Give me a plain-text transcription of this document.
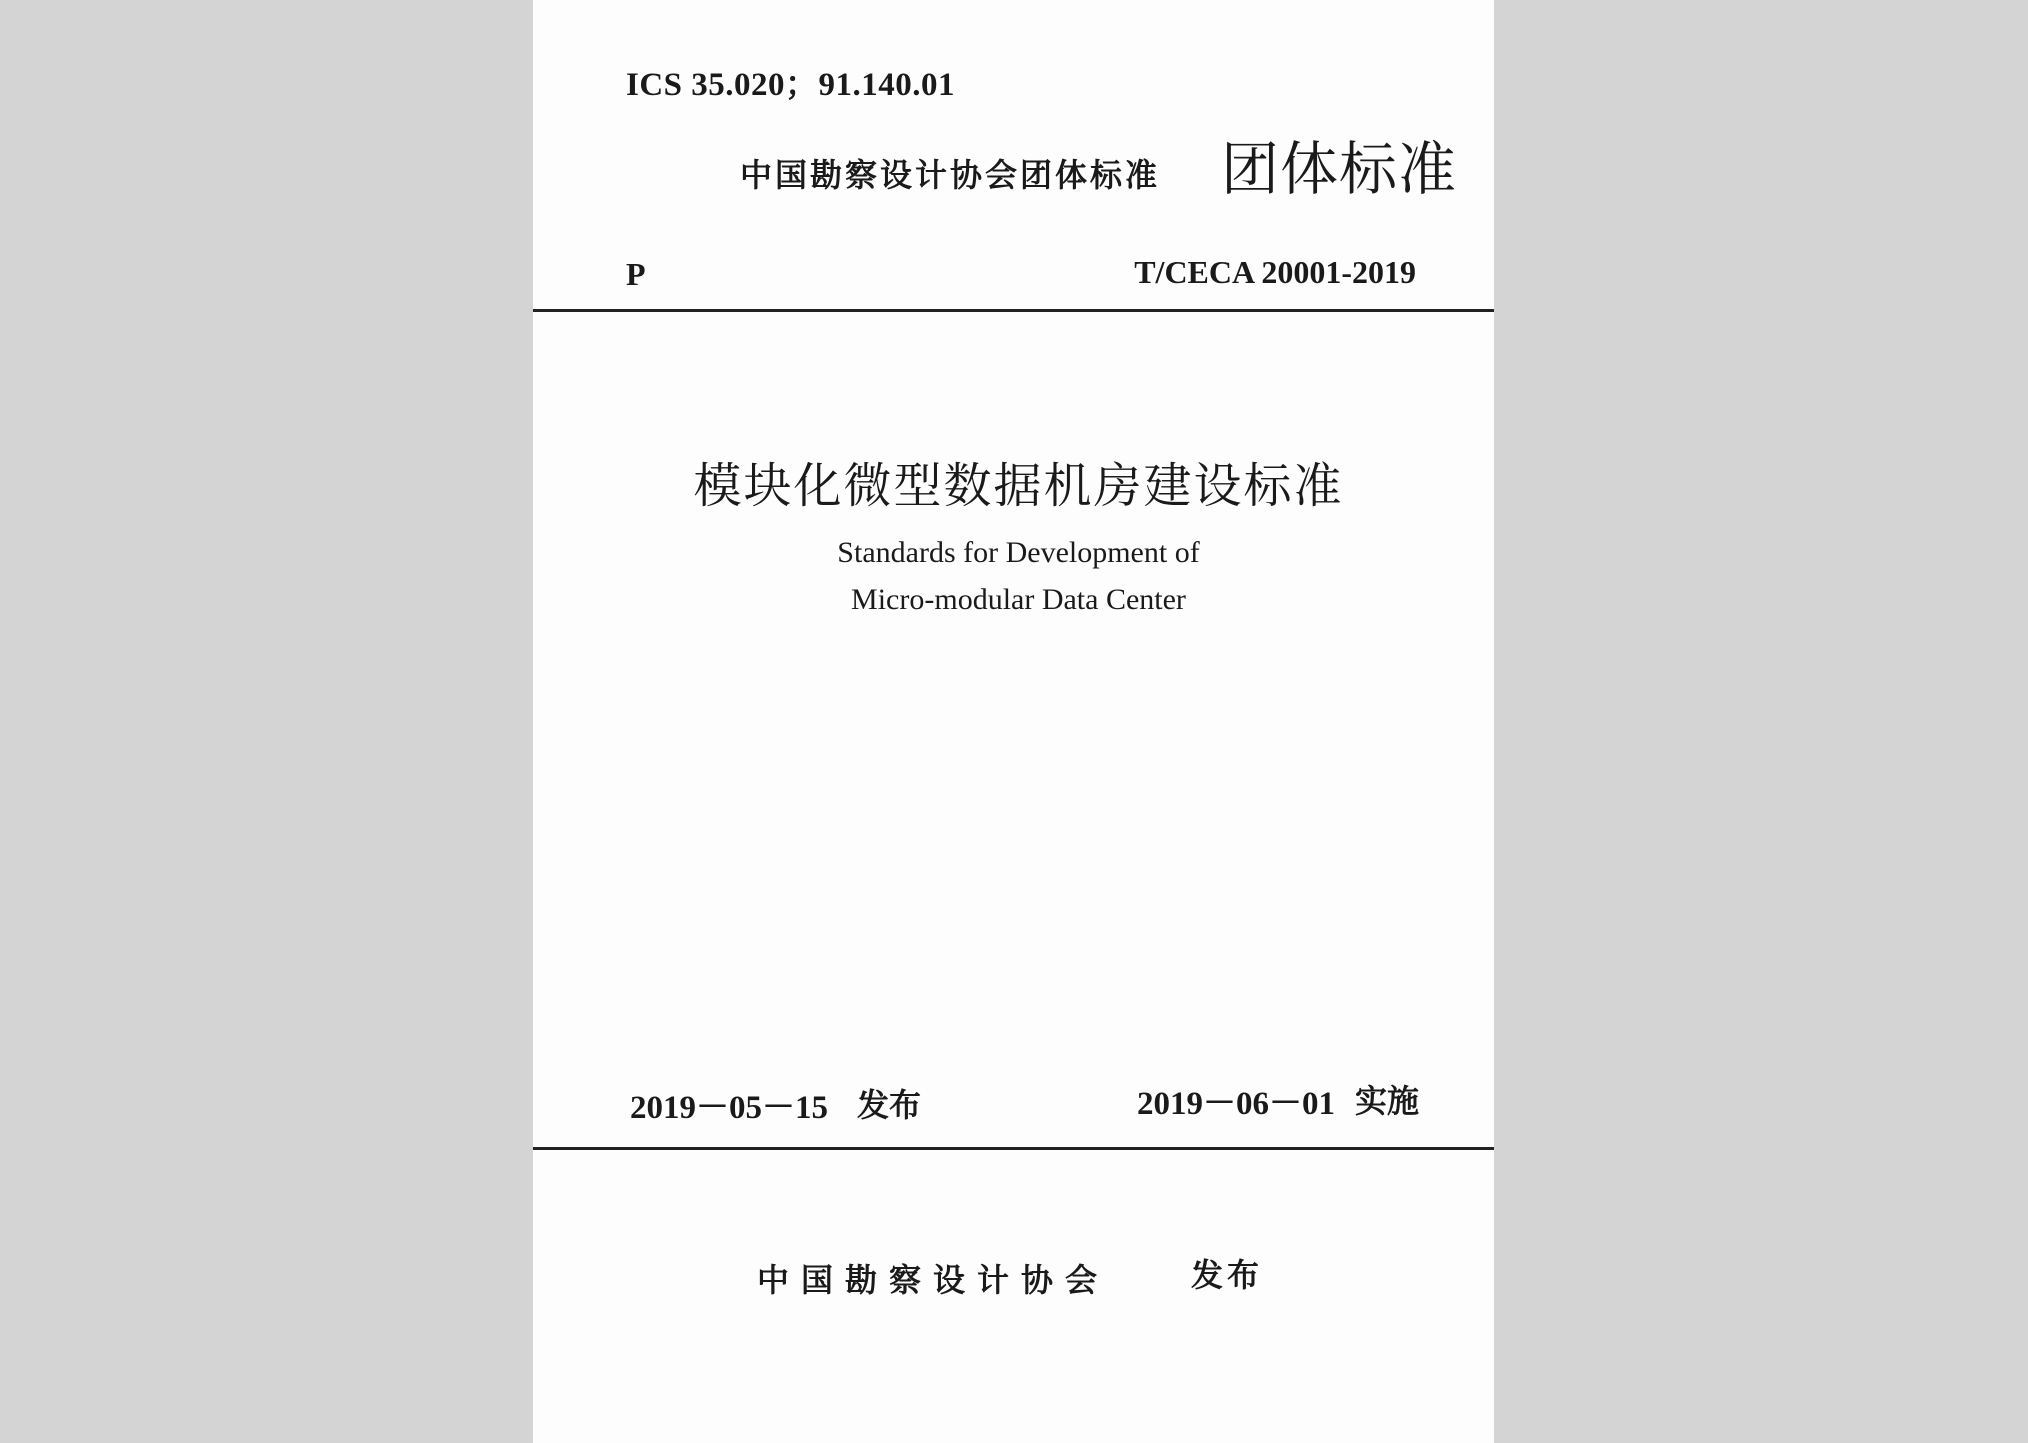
ICS 35.020；91.140.01
中国勘察设计协会团体标准 团体标准
P	T/CECA 20001-2019
模块化微型数据机房建设标准
Standards for Development of
Micro-modular Data Center
2019－05－15 发布	2019－06－01 实施
中国勘察设计协会	发布
